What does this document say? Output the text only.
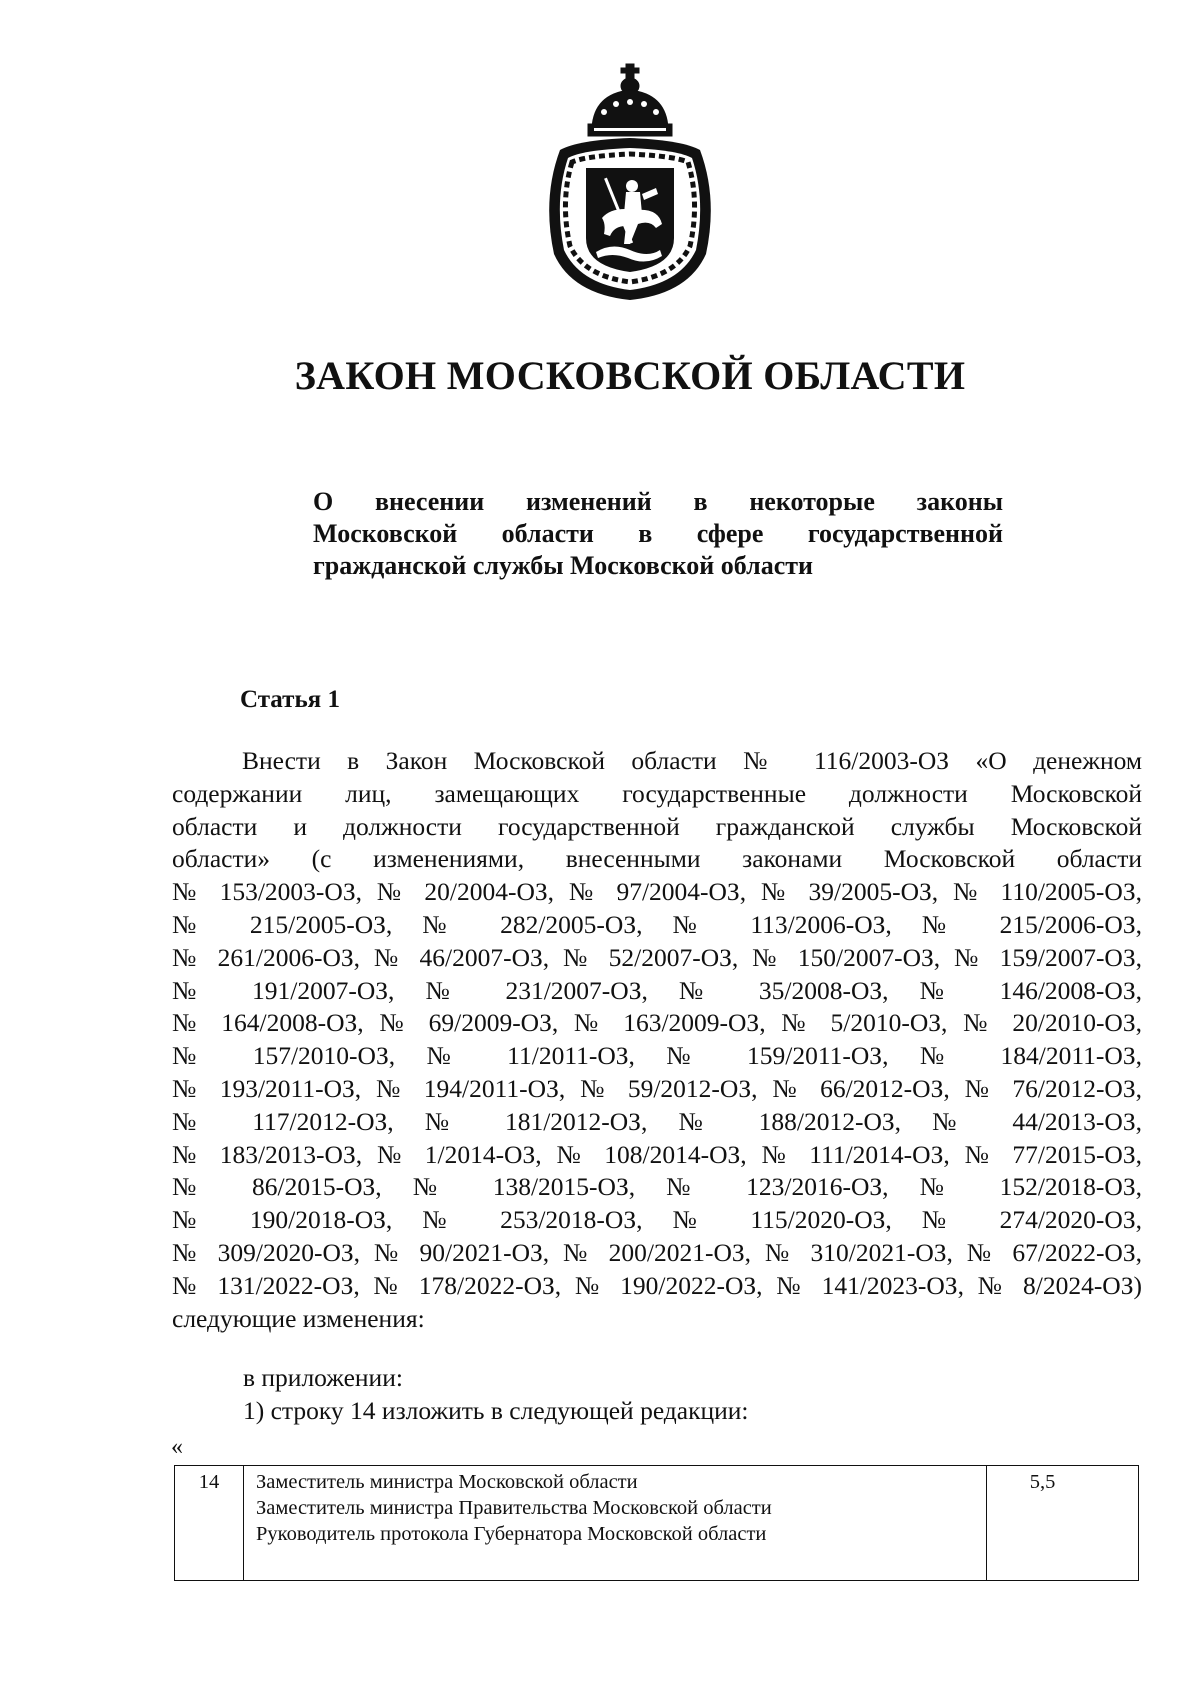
ЗАКОН МОСКОВСКОЙ ОБЛАСТИ
О внесении изменений в некоторые законы
Московской области в сфере государственной
гражданской службы Московской области
Статья 1
Внести в Закон Московской области № 116/2003-ОЗ «О денежном
содержании лиц, замещающих государственные должности Московской
области и должности государственной гражданской службы Московской
области» (с изменениями, внесенными законами Московской области
№ 153/2003-ОЗ, № 20/2004-ОЗ, № 97/2004-ОЗ, № 39/2005-ОЗ, № 110/2005-ОЗ,
№ 215/2005-ОЗ, № 282/2005-ОЗ, № 113/2006-ОЗ, № 215/2006-ОЗ,
№ 261/2006-ОЗ, № 46/2007-ОЗ, № 52/2007-ОЗ, № 150/2007-ОЗ, № 159/2007-ОЗ,
№ 191/2007-ОЗ, № 231/2007-ОЗ, № 35/2008-ОЗ, № 146/2008-ОЗ,
№ 164/2008-ОЗ, № 69/2009-ОЗ, № 163/2009-ОЗ, № 5/2010-ОЗ, № 20/2010-ОЗ,
№ 157/2010-ОЗ, № 11/2011-ОЗ, № 159/2011-ОЗ, № 184/2011-ОЗ,
№ 193/2011-ОЗ, № 194/2011-ОЗ, № 59/2012-ОЗ, № 66/2012-ОЗ, № 76/2012-ОЗ,
№ 117/2012-ОЗ, № 181/2012-ОЗ, № 188/2012-ОЗ, № 44/2013-ОЗ,
№ 183/2013-ОЗ, № 1/2014-ОЗ, № 108/2014-ОЗ, № 111/2014-ОЗ, № 77/2015-ОЗ,
№ 86/2015-ОЗ, № 138/2015-ОЗ, № 123/2016-ОЗ, № 152/2018-ОЗ,
№ 190/2018-ОЗ, № 253/2018-ОЗ, № 115/2020-ОЗ, № 274/2020-ОЗ,
№ 309/2020-ОЗ, № 90/2021-ОЗ, № 200/2021-ОЗ, № 310/2021-ОЗ, № 67/2022-ОЗ,
№ 131/2022-ОЗ, № 178/2022-ОЗ, № 190/2022-ОЗ, № 141/2023-ОЗ, № 8/2024-ОЗ)
следующие изменения:
в приложении:
1) строку 14 изложить в следующей редакции:
«
14	Заместитель министра Московской области
Заместитель министра Правительства Московской области
Руководитель протокола Губернатора Московской области
	5,5
